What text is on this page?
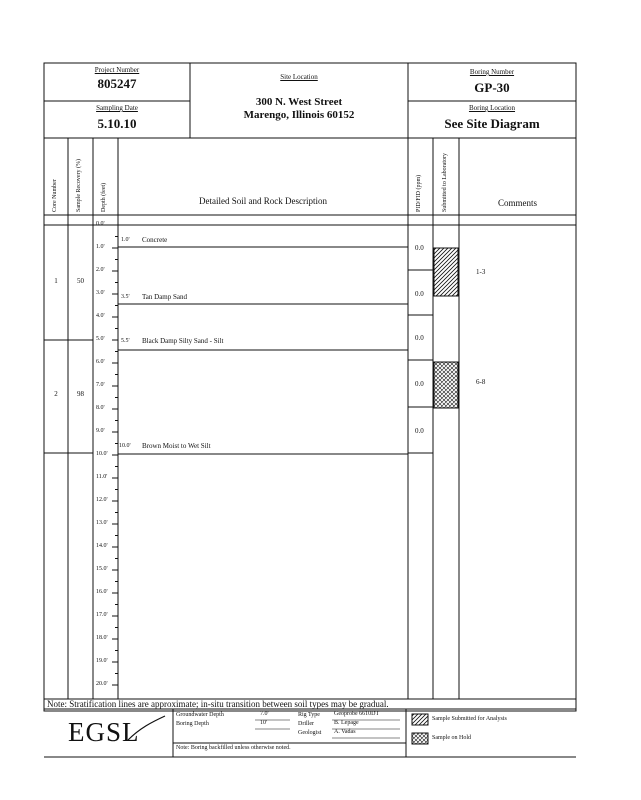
Project Number
805247
Sampling Date
5.10.10
Site Location
300 N. West Street
Marengo, Illinois 60152
Boring Number
GP-30
Boring Location
See Site Diagram
Core Number	Sample Recovery (%)	Depth (feet)	Detailed Soil and Rock Description	PID/FID (ppm)	Submitted to Laboratory	Comments
1	50
2	98
0.0'
1.0'
2.0'
3.0'
4.0'
5.0'
6.0'
7.0'
8.0'
9.0'
10.0'
11.0'
12.0'
13.0'
14.0'
15.0'
16.0'
17.0'
18.0'
19.0'
20.0'
1.0' Concrete
3.5' Tan Damp Sand
5.5' Black Damp Silty Sand - Silt
10.0' Brown Moist to Wet Silt
0.0
0.0
0.0
0.0
0.0
1-3
6-8
Note: Stratification lines are approximate; in-situ transition between soil types may be gradual.
EGSL
Groundwater Depth	7.0'
Boring Depth	10'
Rig Type Geoprobe 6610DT
Driller	B. Lepage
Geologist A. Vadas
Sample Submitted for Analysis
Sample on Hold
Note: Boring backfilled unless otherwise noted.
